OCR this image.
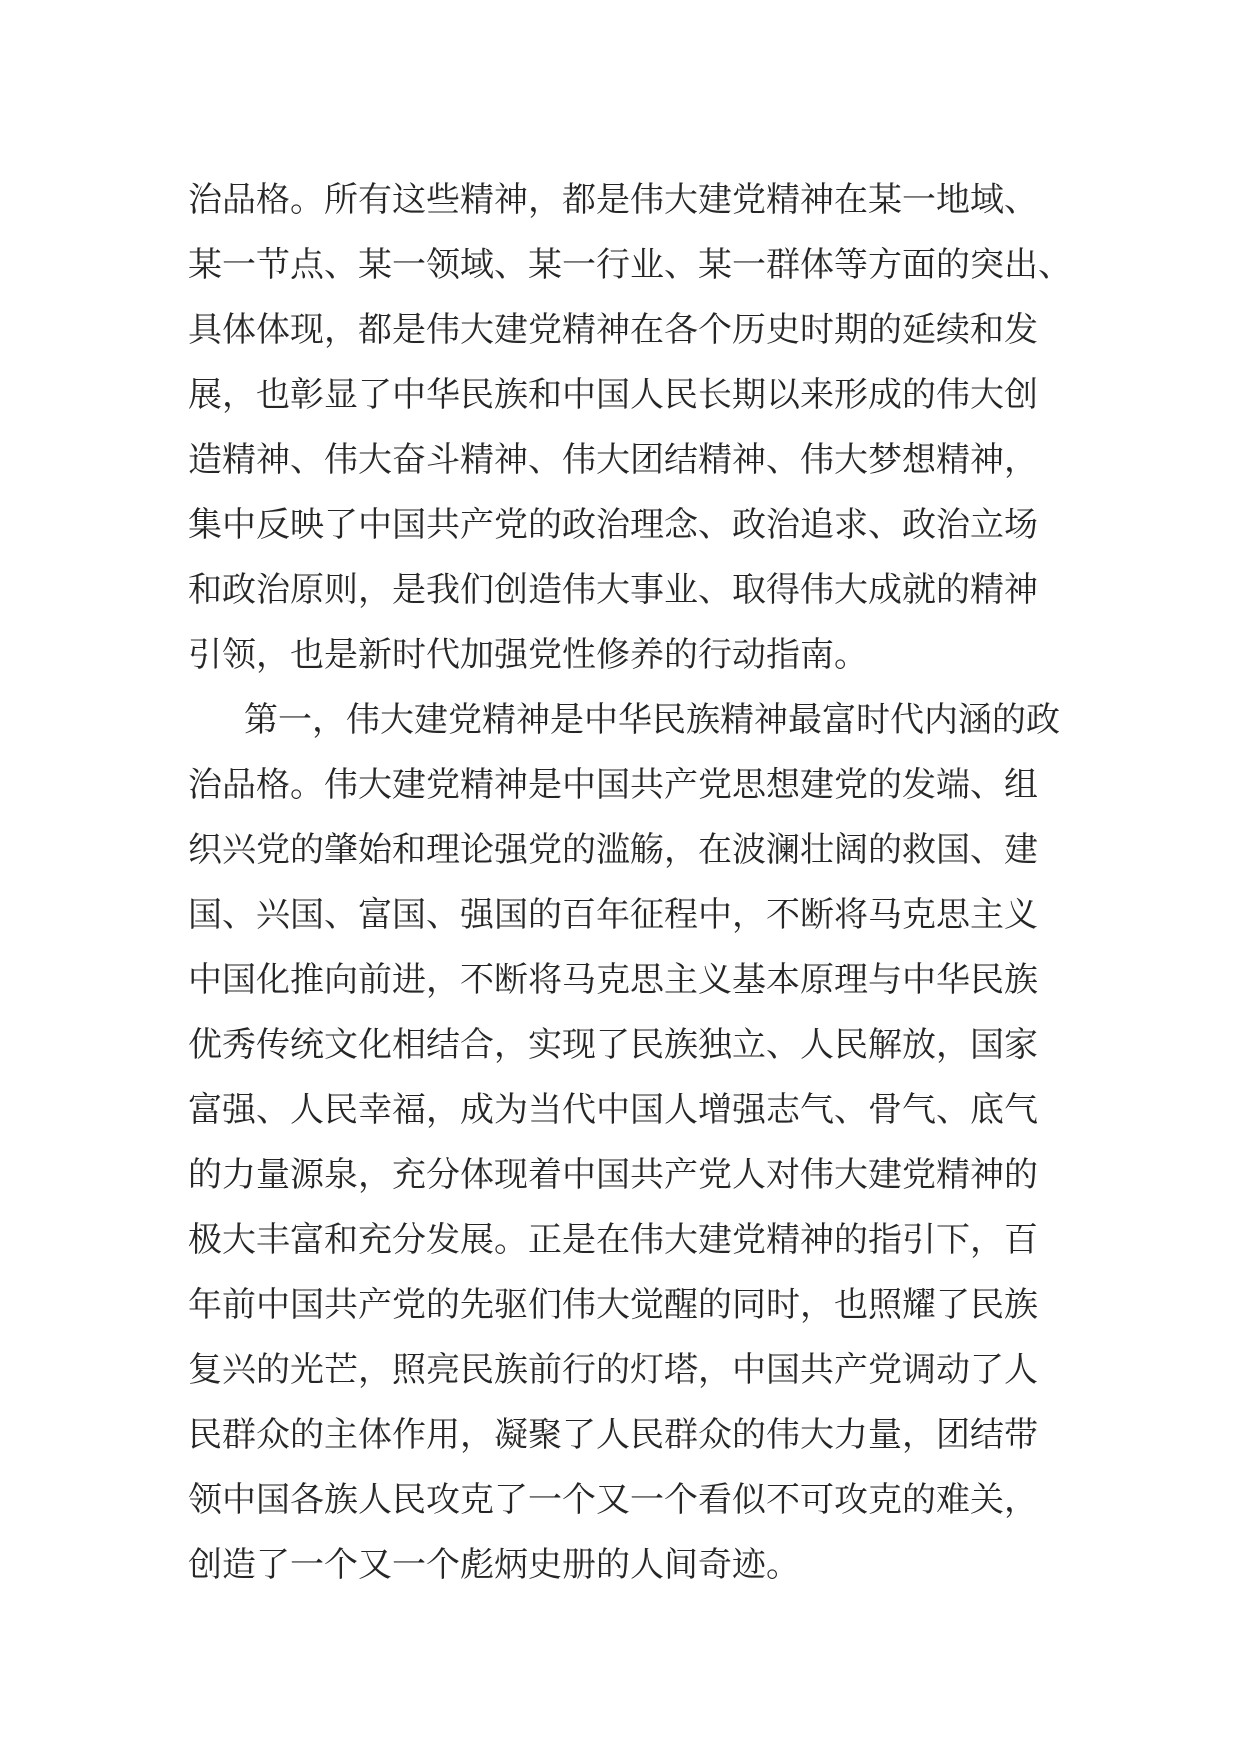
治品格。所有这些精神，都是伟大建党精神在某一地域、
某一节点、某一领域、某一行业、某一群体等方面的突出、
具体体现，都是伟大建党精神在各个历史时期的延续和发
展，也彰显了中华民族和中国人民长期以来形成的伟大创
造精神、伟大奋斗精神、伟大团结精神、伟大梦想精神，
集中反映了中国共产党的政治理念、政治追求、政治立场
和政治原则，是我们创造伟大事业、取得伟大成就的精神
引领，也是新时代加强党性修养的行动指南。
第一，伟大建党精神是中华民族精神最富时代内涵的政
治品格。伟大建党精神是中国共产党思想建党的发端、组
织兴党的肇始和理论强党的滥觞，在波澜壮阔的救国、建
国、兴国、富国、强国的百年征程中，不断将马克思主义
中国化推向前进，不断将马克思主义基本原理与中华民族
优秀传统文化相结合，实现了民族独立、人民解放，国家
富强、人民幸福，成为当代中国人增强志气、骨气、底气
的力量源泉，充分体现着中国共产党人对伟大建党精神的
极大丰富和充分发展。正是在伟大建党精神的指引下，百
年前中国共产党的先驱们伟大觉醒的同时，也照耀了民族
复兴的光芒，照亮民族前行的灯塔，中国共产党调动了人
民群众的主体作用，凝聚了人民群众的伟大力量，团结带
领中国各族人民攻克了一个又一个看似不可攻克的难关，
创造了一个又一个彪炳史册的人间奇迹。
